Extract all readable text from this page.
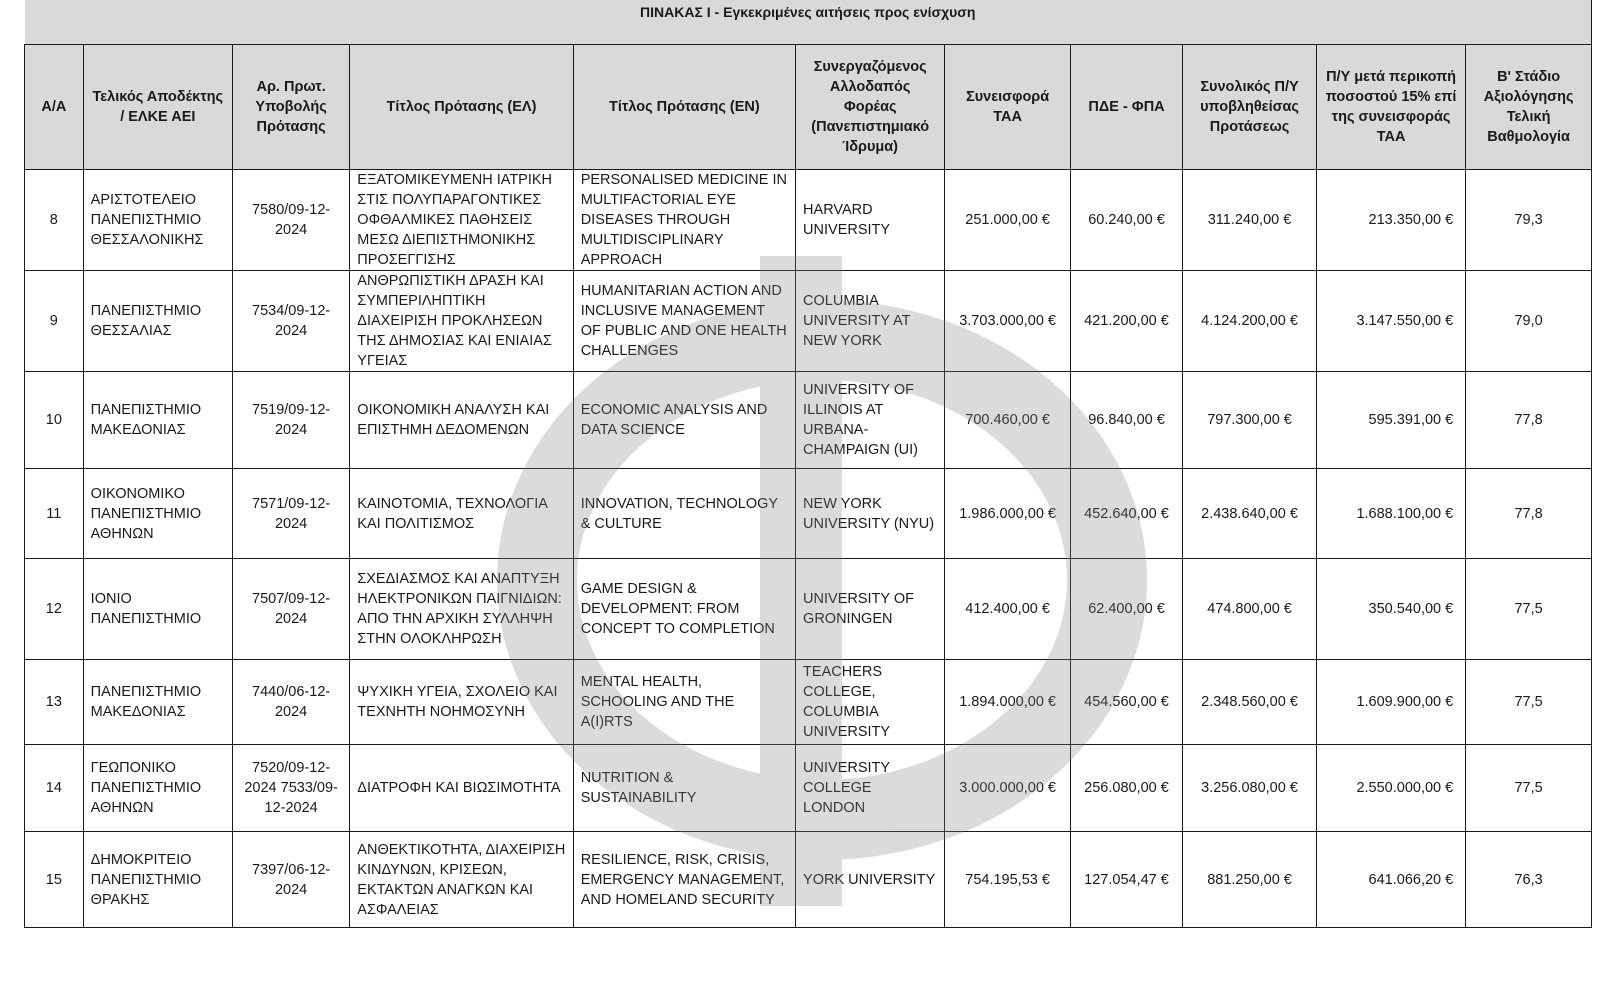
ΠΙΝΑΚΑΣ Ι - Εγκεκριμένες αιτήσεις προς ενίσχυση										
Α/Α	Τελικός Αποδέκτης / ΕΛΚΕ ΑΕΙ	Αρ. Πρωτ. Υποβολής Πρότασης	Τίτλος Πρότασης (ΕΛ)	Τίτλος Πρότασης (EN)	Συνεργαζόμενος Αλλοδαπός Φορέας (Πανεπιστημιακό Ίδρυμα)	Συνεισφορά ΤΑΑ	ΠΔΕ - ΦΠΑ	Συνολικός Π/Υ υποβληθείσας Προτάσεως	Π/Υ μετά περικοπή ποσοστού 15% επί της συνεισφοράς ΤΑΑ	Β' Στάδιο Αξιολόγησης Τελική Βαθμολογία
8	ΑΡΙΣΤΟΤΕΛΕΙΟ ΠΑΝΕΠΙΣΤΗΜΙΟ ΘΕΣΣΑΛΟΝΙΚΗΣ	7580/09-12-2024	ΕΞΑΤΟΜΙΚΕΥΜΕΝΗ ΙΑΤΡΙΚΗ ΣΤΙΣ ΠΟΛΥΠΑΡΑΓΟΝΤΙΚΕΣ ΟΦΘΑΛΜΙΚΕΣ ΠΑΘΗΣΕΙΣ ΜΕΣΩ ΔΙΕΠΙΣΤΗΜΟΝΙΚΗΣ ΠΡΟΣΕΓΓΙΣΗΣ	PERSONALISED MEDICINE IN MULTIFACTORIAL EYE DISEASES THROUGH MULTIDISCIPLINARY APPROACH	HARVARD UNIVERSITY	251.000,00 €	60.240,00 €	311.240,00 €	213.350,00 €	79,3
9	ΠΑΝΕΠΙΣΤΗΜΙΟ ΘΕΣΣΑΛΙΑΣ	7534/09-12-2024	ΑΝΘΡΩΠΙΣΤΙΚΗ ΔΡΑΣΗ ΚΑΙ ΣΥΜΠΕΡΙΛΗΠΤΙΚΗ ΔΙΑΧΕΙΡΙΣΗ ΠΡΟΚΛΗΣΕΩΝ ΤΗΣ ΔΗΜΟΣΙΑΣ ΚΑΙ ΕΝΙΑΙΑΣ ΥΓΕΙΑΣ	HUMANITARIAN ACTION AND INCLUSIVE MANAGEMENT OF PUBLIC AND ONE HEALTH CHALLENGES	COLUMBIA UNIVERSITY AT NEW YORK	3.703.000,00 €	421.200,00 €	4.124.200,00 €	3.147.550,00 €	79,0
10	ΠΑΝΕΠΙΣΤΗΜΙΟ ΜΑΚΕΔΟΝΙΑΣ	7519/09-12-2024	ΟΙΚΟΝΟΜΙΚΗ ΑΝΑΛΥΣΗ ΚΑΙ ΕΠΙΣΤΗΜΗ ΔΕΔΟΜΕΝΩΝ	ECONOMIC ANALYSIS AND DATA SCIENCE	UNIVERSITY OF ILLINOIS AT URBANA-CHAMPAIGN (UI)	700.460,00 €	96.840,00 €	797.300,00 €	595.391,00 €	77,8
11	ΟΙΚΟΝΟΜΙΚΟ ΠΑΝΕΠΙΣΤΗΜΙΟ ΑΘΗΝΩΝ	7571/09-12-2024	ΚΑΙΝΟΤΟΜΙΑ, ΤΕΧΝΟΛΟΓΙΑ ΚΑΙ ΠΟΛΙΤΙΣΜΟΣ	INNOVATION, TECHNOLOGY & CULTURE	NEW YORK UNIVERSITY (NYU)	1.986.000,00 €	452.640,00 €	2.438.640,00 €	1.688.100,00 €	77,8
12	ΙΟΝΙΟ ΠΑΝΕΠΙΣΤΗΜΙΟ	7507/09-12-2024	ΣΧΕΔΙΑΣΜΟΣ ΚΑΙ ΑΝΑΠΤΥΞΗ ΗΛΕΚΤΡΟΝΙΚΩΝ ΠΑΙΓΝΙΔΙΩΝ: ΑΠΟ ΤΗΝ ΑΡΧΙΚΗ ΣΥΛΛΗΨΗ ΣΤΗΝ ΟΛΟΚΛΗΡΩΣΗ	GAME DESIGN & DEVELOPMENT: FROM CONCEPT TO COMPLETION	UNIVERSITY OF GRONINGEN	412.400,00 €	62.400,00 €	474.800,00 €	350.540,00 €	77,5
13	ΠΑΝΕΠΙΣΤΗΜΙΟ ΜΑΚΕΔΟΝΙΑΣ	7440/06-12-2024	ΨΥΧΙΚΗ ΥΓΕΙΑ, ΣΧΟΛΕΙΟ ΚΑΙ ΤΕΧΝΗΤΗ ΝΟΗΜΟΣΥΝΗ	MENTAL HEALTH, SCHOOLING AND THE A(I)RTS	TEACHERS COLLEGE, COLUMBIA UNIVERSITY	1.894.000,00 €	454.560,00 €	2.348.560,00 €	1.609.900,00 €	77,5
14	ΓΕΩΠΟΝΙΚΟ ΠΑΝΕΠΙΣΤΗΜΙΟ ΑΘΗΝΩΝ	7520/09-12-2024 7533/09-12-2024	ΔΙΑΤΡΟΦΗ ΚΑΙ ΒΙΩΣΙΜΟΤΗΤΑ	NUTRITION & SUSTAINABILITY	UNIVERSITY COLLEGE LONDON	3.000.000,00 €	256.080,00 €	3.256.080,00 €	2.550.000,00 €	77,5
15	ΔΗΜΟΚΡΙΤΕΙΟ ΠΑΝΕΠΙΣΤΗΜΙΟ ΘΡΑΚΗΣ	7397/06-12-2024	ΑΝΘΕΚΤΙΚΟΤΗΤΑ, ΔΙΑΧΕΙΡΙΣΗ ΚΙΝΔΥΝΩΝ, ΚΡΙΣΕΩΝ, ΕΚΤΑΚΤΩΝ ΑΝΑΓΚΩΝ ΚΑΙ ΑΣΦΑΛΕΙΑΣ	RESILIENCE, RISK, CRISIS, EMERGENCY MANAGEMENT, AND HOMELAND SECURITY	YORK UNIVERSITY	754.195,53 €	127.054,47 €	881.250,00 €	641.066,20 €	76,3
